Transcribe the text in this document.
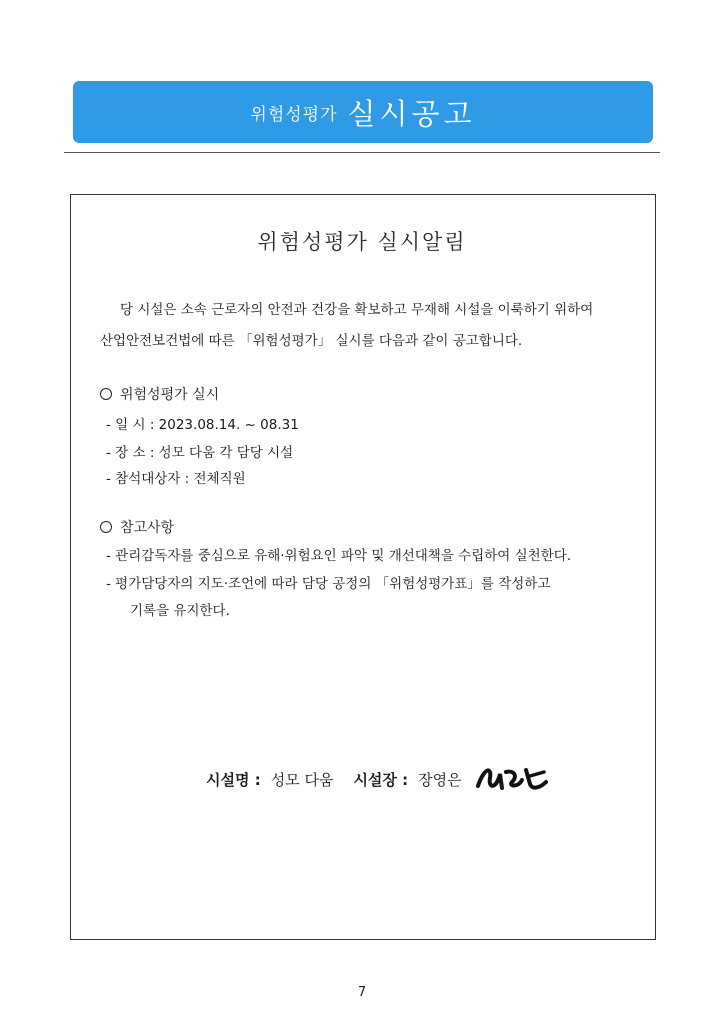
위험성평가 실시공고
위험성평가 실시알림
당 시설은 소속 근로자의 안전과 건강을 확보하고 무재해 시설을 이룩하기 위하여
산업안전보건법에 따른 「위험성평가」 실시를 다음과 같이 공고합니다.
위험성평가 실시
- 일 시 : 2023.08.14. ~ 08.31
- 장 소 : 성모 다움 각 담당 시설
- 참석대상자 : 전체직원
참고사항
- 관리감독자를 중심으로 유해·위험요인 파악 및 개선대책을 수립하여 실천한다.
- 평가담당자의 지도·조언에 따라 담당 공정의 「위험성평가표」를 작성하고
기록을 유지한다.
시설명 : 성모 다움 시설장 : 장영은
7
